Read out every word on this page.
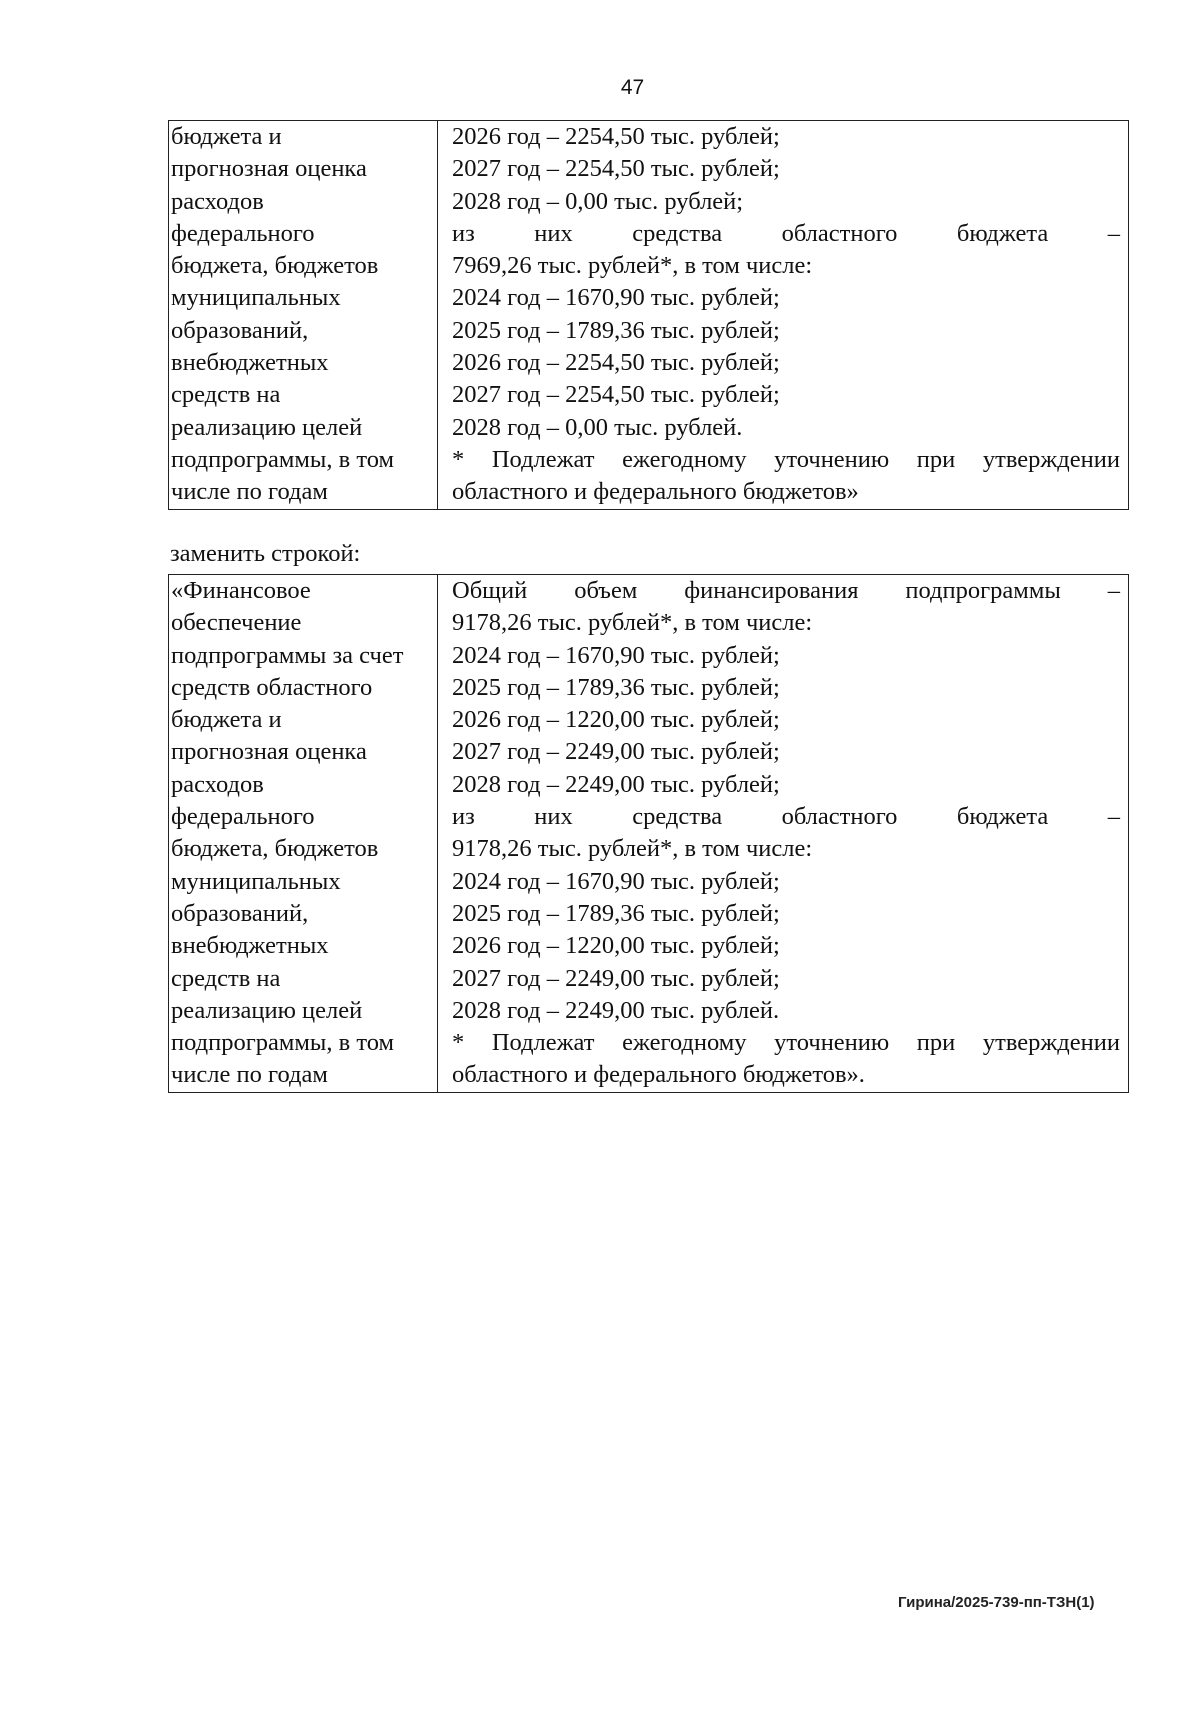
47
бюджета и
прогнозная оценка
расходов
федерального
бюджета, бюджетов
муниципальных
образований,
внебюджетных
средств на
реализацию целей
подпрограммы, в том
числе по годам

2026 год – 2254,50 тыс. рублей;
2027 год – 2254,50 тыс. рублей;
2028 год – 0,00 тыс. рублей;
из них средства областного бюджета –
7969,26 тыс. рублей*, в том числе:
2024 год – 1670,90 тыс. рублей;
2025 год – 1789,36 тыс. рублей;
2026 год – 2254,50 тыс. рублей;
2027 год – 2254,50 тыс. рублей;
2028 год – 0,00 тыс. рублей.
* Подлежат ежегодному уточнению при утверждении
областного и федерального бюджетов»
заменить строкой:
«Финансовое
обеспечение
подпрограммы за счет
средств областного
бюджета и
прогнозная оценка
расходов
федерального
бюджета, бюджетов
муниципальных
образований,
внебюджетных
средств на
реализацию целей
подпрограммы, в том
числе по годам

Общий объем финансирования подпрограммы –
9178,26 тыс. рублей*, в том числе:
2024 год – 1670,90 тыс. рублей;
2025 год – 1789,36 тыс. рублей;
2026 год – 1220,00 тыс. рублей;
2027 год – 2249,00 тыс. рублей;
2028 год – 2249,00 тыс. рублей;
из них средства областного бюджета –
9178,26 тыс. рублей*, в том числе:
2024 год – 1670,90 тыс. рублей;
2025 год – 1789,36 тыс. рублей;
2026 год – 1220,00 тыс. рублей;
2027 год – 2249,00 тыс. рублей;
2028 год – 2249,00 тыс. рублей.
* Подлежат ежегодному уточнению при утверждении
областного и федерального бюджетов».
Гирина/2025-739-пп-ТЗН(1)
